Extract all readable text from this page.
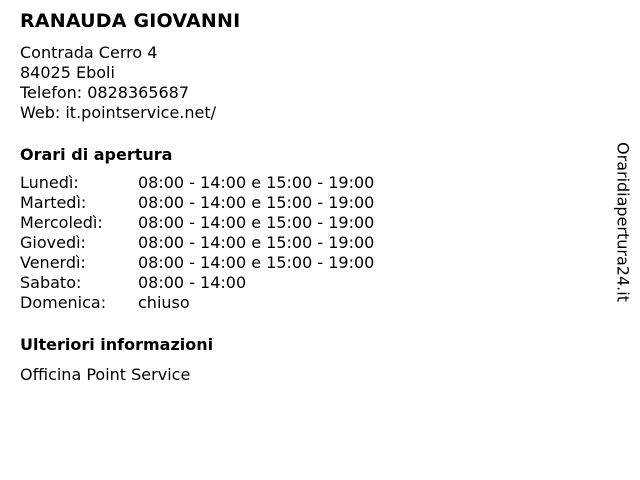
RANAUDA GIOVANNI
Contrada Cerro 4
84025 Eboli
Telefon: 0828365687
Web: it.pointservice.net/
Orari di apertura
Lunedì:	08:00 - 14:00 e 15:00 - 19:00
Martedì:	08:00 - 14:00 e 15:00 - 19:00
Mercoledì: 08:00 - 14:00 e 15:00 - 19:00
Giovedì:	08:00 - 14:00 e 15:00 - 19:00
Venerdì:	08:00 - 14:00 e 15:00 - 19:00
Sabato:	08:00 - 14:00
Domenica: chiuso
Ulteriori informazioni
Officina Point Service
Oraridiapertura24.it
